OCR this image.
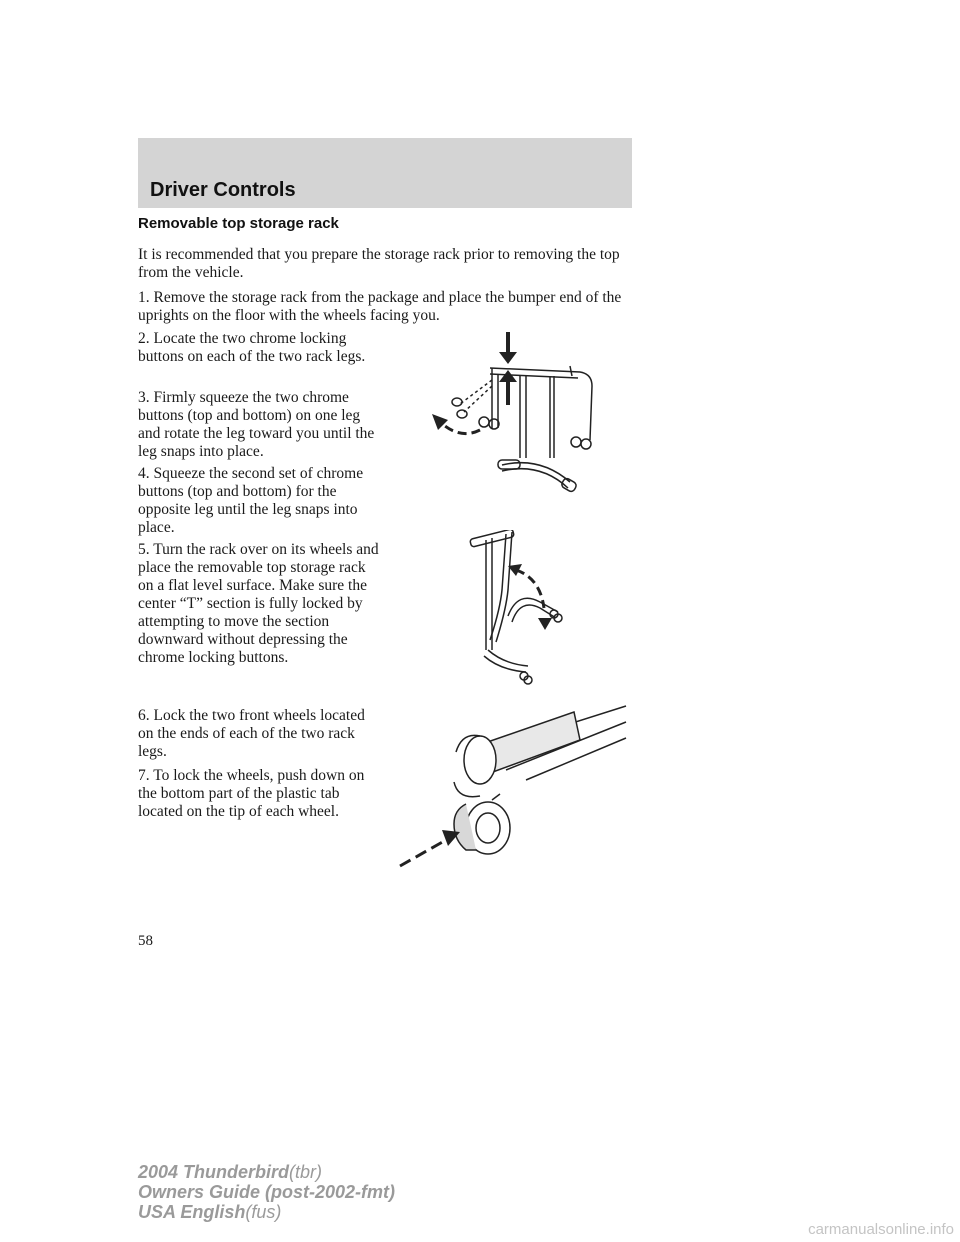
Driver Controls
Removable top storage rack

It is recommended that you prepare the storage rack prior to removing the top from the vehicle.

1. Remove the storage rack from the package and place the bumper end of the uprights on the floor with the wheels facing you.

2. Locate the two chrome locking buttons on each of the two rack legs.

3. Firmly squeeze the two chrome buttons (top and bottom) on one leg and rotate the leg toward you until the leg snaps into place.

4. Squeeze the second set of chrome buttons (top and bottom) for the opposite leg until the leg snaps into place.

5. Turn the rack over on its wheels and place the removable top storage rack on a flat level surface. Make sure the center “T” section is fully locked by attempting to move the section downward without depressing the chrome locking buttons.

6. Lock the two front wheels located on the ends of each of the two rack legs.

7. To lock the wheels, push down on the bottom part of the plastic tab located on the tip of each wheel.

58

2004 Thunderbird(tbr)
Owners Guide (post-2002-fmt)
USA English(fus)
carmanualsonline.info
